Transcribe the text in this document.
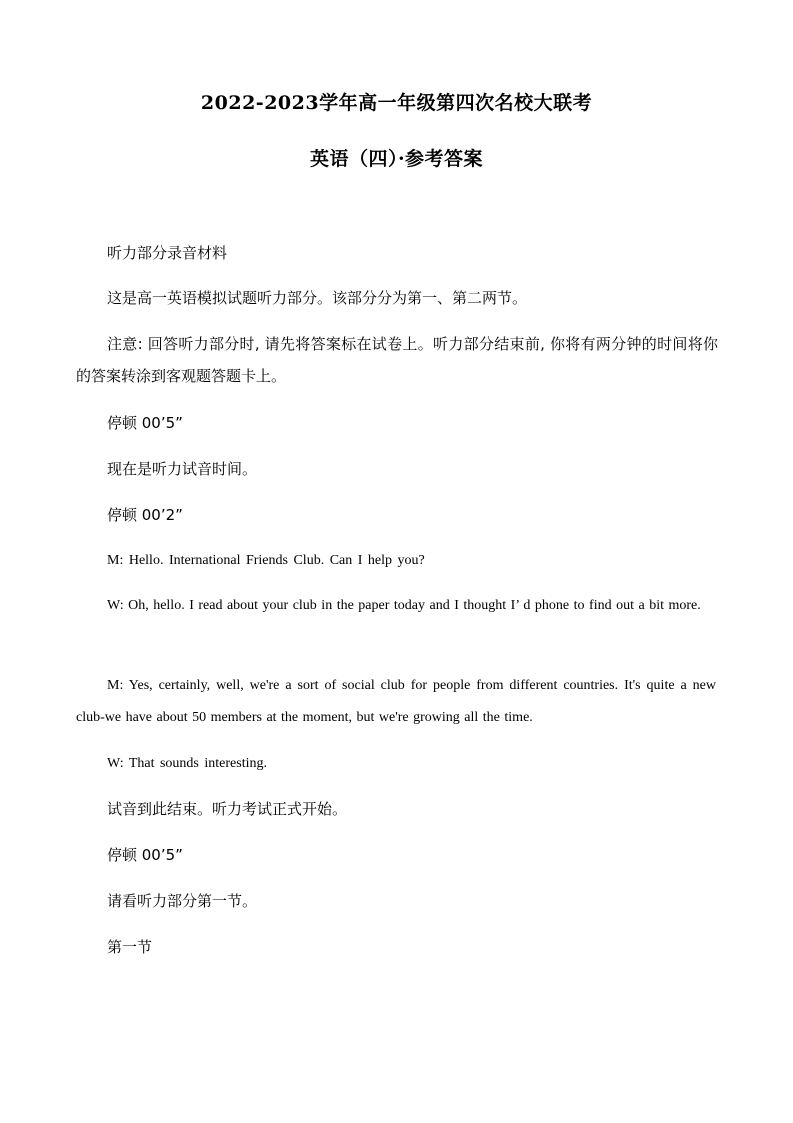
2022-2023学年高一年级第四次名校大联考
英语（四）·参考答案
听力部分录音材料
这是高一英语模拟试题听力部分。该部分分为第一、第二两节。
注意: 回答听力部分时, 请先将答案标在试卷上。听力部分结束前, 你将有两分钟的时间将你的答案转涂到客观题答题卡上。
停顿 00’5”
现在是听力试音时间。
停顿 00’2”
M: Hello. International Friends Club. Can I help you?
W: Oh, hello. I read about your club in the paper today and I thought I’ d phone to find out a bit more.
M: Yes, certainly, well, we're a sort of social club for people from different countries. It's quite a new club-we have about 50 members at the moment, but we're growing all the time.
W: That sounds interesting.
试音到此结束。听力考试正式开始。
停顿 00’5”
请看听力部分第一节。
第一节
